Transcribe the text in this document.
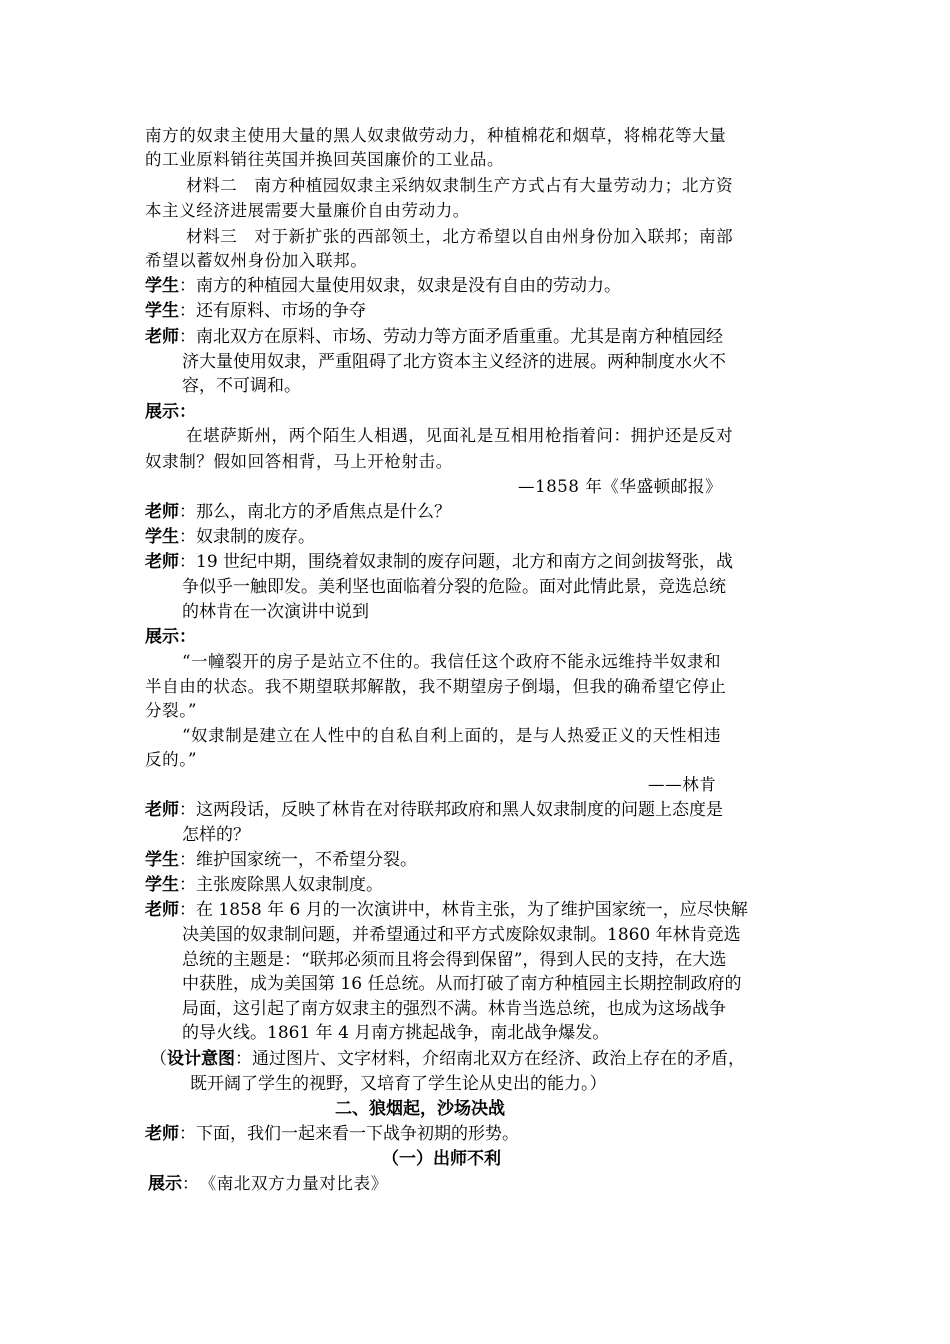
南方的奴隶主使用大量的黑人奴隶做劳动力，种植棉花和烟草，将棉花等大量
的工业原料销往英国并换回英国廉价的工业品。
材料二　南方种植园奴隶主采纳奴隶制生产方式占有大量劳动力；北方资
本主义经济进展需要大量廉价自由劳动力。
材料三　对于新扩张的西部领土，北方希望以自由州身份加入联邦；南部
希望以蓄奴州身份加入联邦。
学生：南方的种植园大量使用奴隶，奴隶是没有自由的劳动力。
学生：还有原料、市场的争夺
老师：南北双方在原料、市场、劳动力等方面矛盾重重。尤其是南方种植园经
济大量使用奴隶，严重阻碍了北方资本主义经济的进展。两种制度水火不
容，不可调和。
展示：
在堪萨斯州，两个陌生人相遇，见面礼是互相用枪指着问：拥护还是反对
奴隶制？假如回答相背，马上开枪射击。
—1858 年《华盛顿邮报》
老师：那么，南北方的矛盾焦点是什么？
学生：奴隶制的废存。
老师：19 世纪中期，围绕着奴隶制的废存问题，北方和南方之间剑拔弩张，战
争似乎一触即发。美利坚也面临着分裂的危险。面对此情此景，竞选总统
的林肯在一次演讲中说到
展示：
“一幢裂开的房子是站立不住的。我信任这个政府不能永远维持半奴隶和
半自由的状态。我不期望联邦解散，我不期望房子倒塌，但我的确希望它停止
分裂。”
“奴隶制是建立在人性中的自私自利上面的，是与人热爱正义的天性相违
反的。”
——林肯
老师：这两段话，反映了林肯在对待联邦政府和黑人奴隶制度的问题上态度是
怎样的？
学生：维护国家统一，不希望分裂。
学生：主张废除黑人奴隶制度。
老师：在 1858 年 6 月的一次演讲中，林肯主张，为了维护国家统一，应尽快解
决美国的奴隶制问题，并希望通过和平方式废除奴隶制。1860 年林肯竞选
总统的主题是：“联邦必须而且将会得到保留”，得到人民的支持，在大选
中获胜，成为美国第 16 任总统。从而打破了南方种植园主长期控制政府的
局面，这引起了南方奴隶主的强烈不满。林肯当选总统，也成为这场战争
的导火线。1861 年 4 月南方挑起战争，南北战争爆发。
（设计意图：通过图片、文字材料，介绍南北双方在经济、政治上存在的矛盾，
既开阔了学生的视野，又培育了学生论从史出的能力。）
二、狼烟起，沙场决战
老师：下面，我们一起来看一下战争初期的形势。
（一）出师不利
展示：　《南北双方力量对比表》
